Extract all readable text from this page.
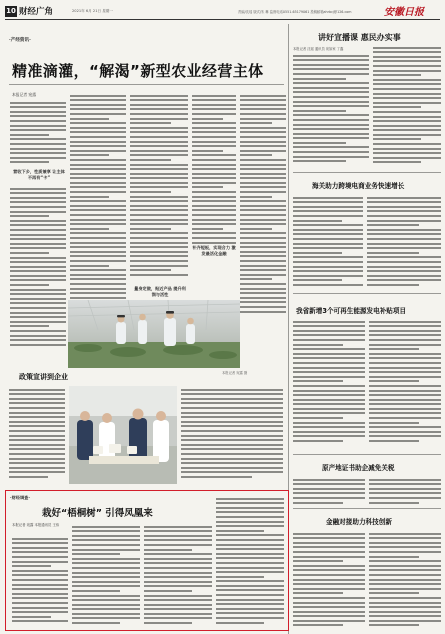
10 财经广角	2021年 6月 21日 星期一	责编/沈瑶 版式/朱 琳 监督电话0551-65179061 投稿邮箱ahrbcj@126.com	安徽日报
·产经资讯·
精准滴灌，“解渴”新型农业经营主体
本报记者 宛露
营收下乡，性质兼享 让主体不再有“卡”
量身定做，贴近产品 提升利润与活性
补齐短板，实现合力 激发最活化金融
本报记者 宛露 摄
讲好宣播课 惠民办实事
本报记者 沈瑶 通讯员 宛如家 丁鑫
海关助力跨境电商业务快速增长
我省新增3个可再生能源发电补贴项目
原产地证书助企减免关税
政策宣讲到企业
·财经调查·
栽好“梧桐树” 引得凤凰来
本报记者 宛露 本报通讯员 王伟	金融对接助力科技创新
